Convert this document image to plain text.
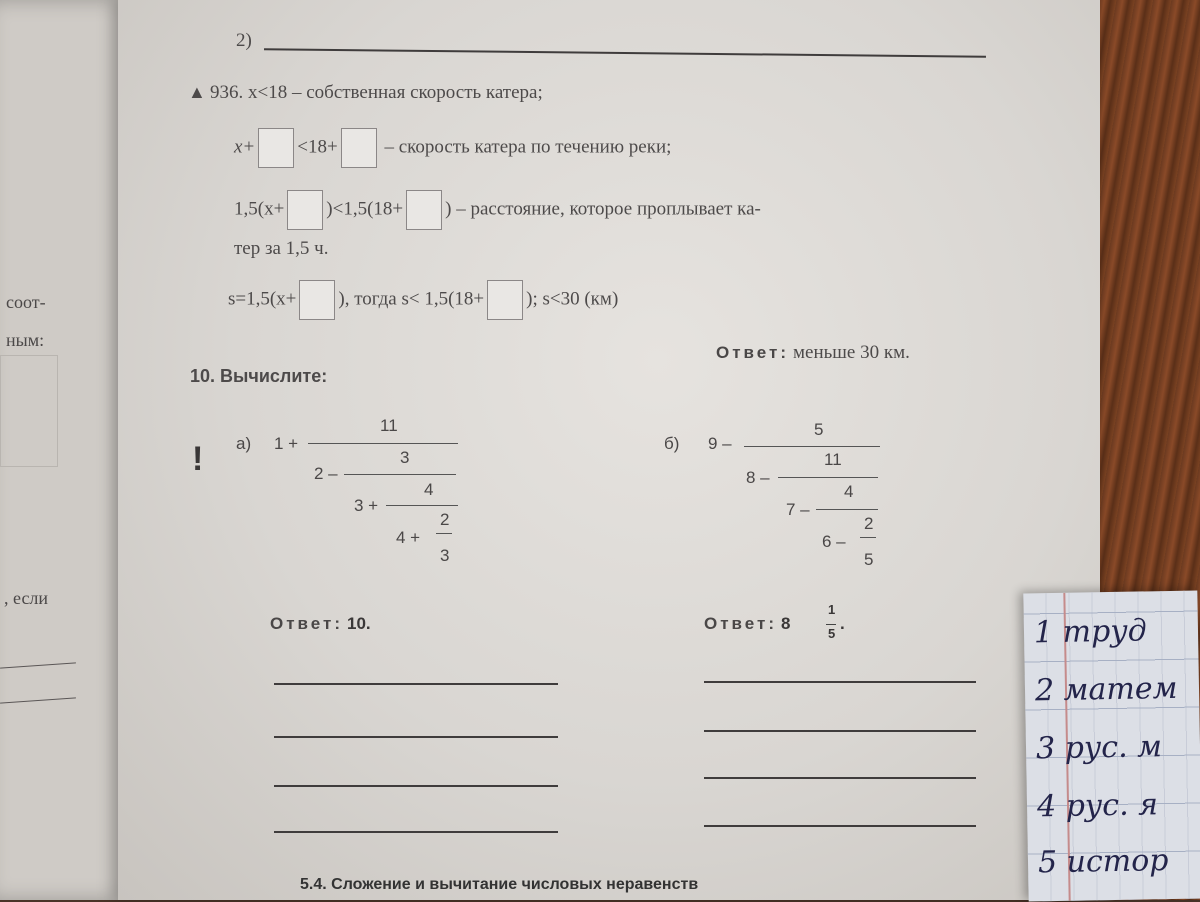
соот-
ным:
, если
2)
▲ 936. x<18 – собственная скорость катера;
x+ <18+ – скорость катера по течению реки;
1,5(x+ )<1,5(18+ ) – расстояние, которое проплывает ка-
тер за 1,5 ч.
s=1,5(x+ ), тогда s< 1,5(18+ ); s<30 (км)
Ответ: меньше 30 км.
10. Вычислите:
! а) 1 +
11
2 –
3
3 +
4
4 +
2
3
б) 9 –
5
8 –
11
7 –
4
6 –
2
5
Ответ: 10.	Ответ: 8
1
5
.
5.4. Сложение и вычитание числовых неравенств
1 труд
2 матем
3 рус. м
4 рус. я
5 истор
